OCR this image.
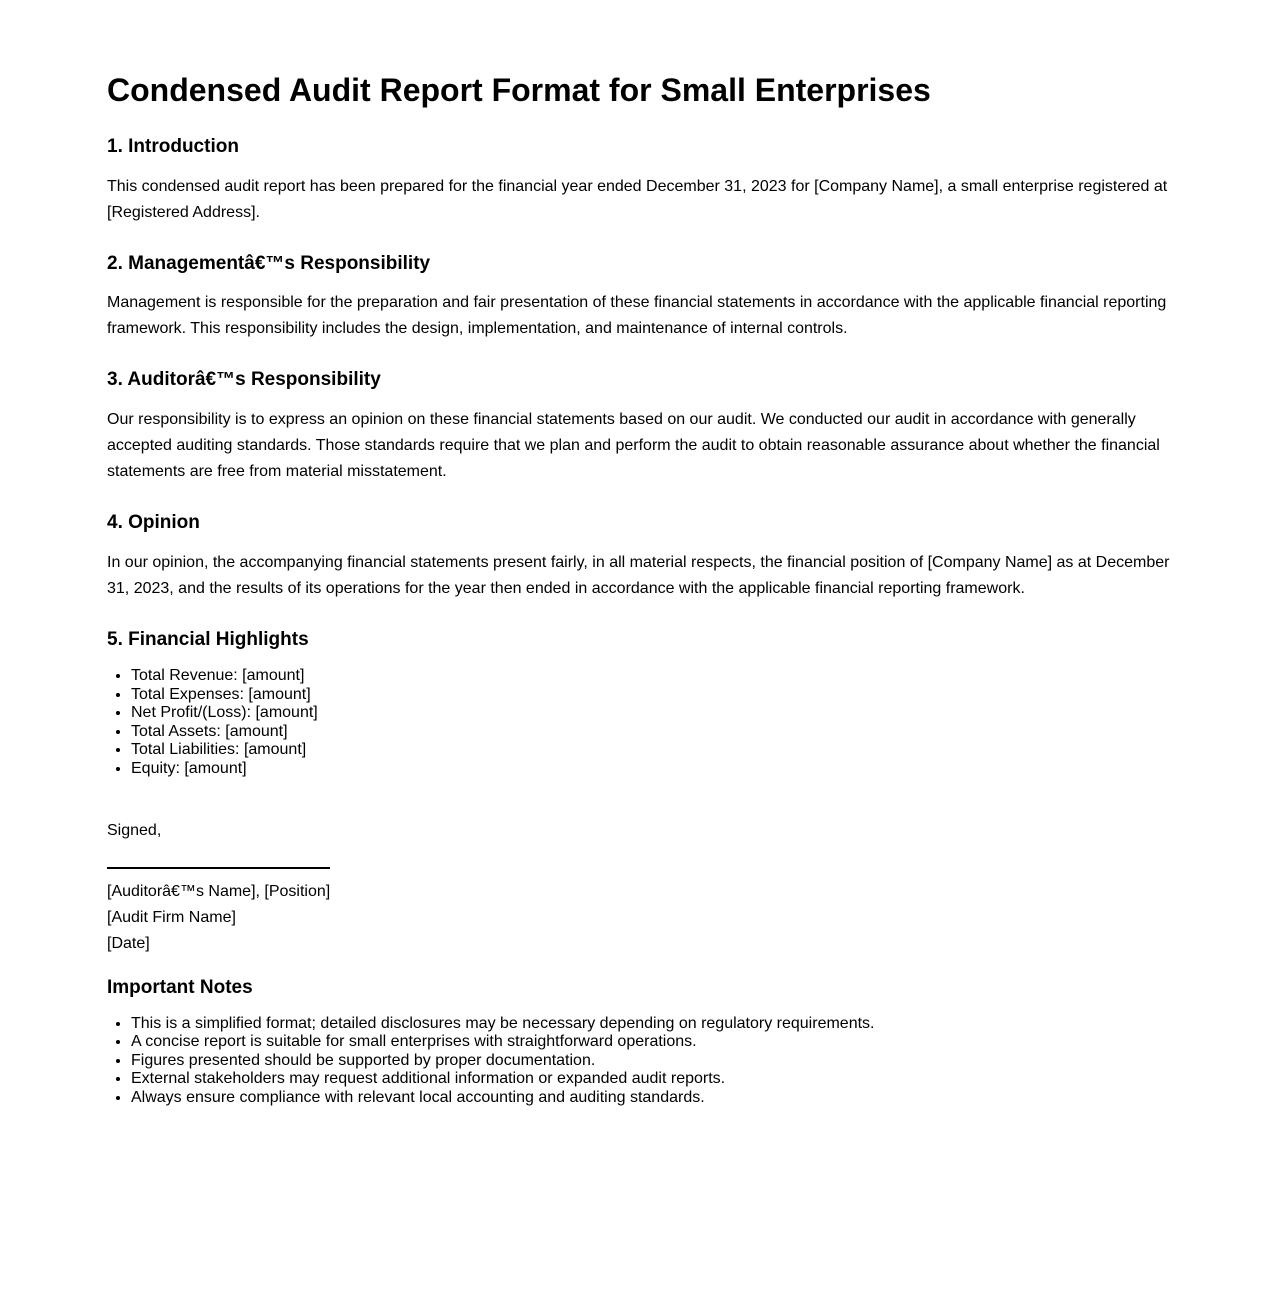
Condensed Audit Report Format for Small Enterprises
1. Introduction

This condensed audit report has been prepared for the financial year ended December 31, 2023 for [Company Name], a small enterprise registered at [Registered Address].

2. Managementâ€™s Responsibility

Management is responsible for the preparation and fair presentation of these financial statements in accordance with the applicable financial reporting framework. This responsibility includes the design, implementation, and maintenance of internal controls.

3. Auditorâ€™s Responsibility

Our responsibility is to express an opinion on these financial statements based on our audit. We conducted our audit in accordance with generally accepted auditing standards. Those standards require that we plan and perform the audit to obtain reasonable assurance about whether the financial statements are free from material misstatement.

4. Opinion

In our opinion, the accompanying financial statements present fairly, in all material respects, the financial position of [Company Name] as at December 31, 2023, and the results of its operations for the year then ended in accordance with the applicable financial reporting framework.

5. Financial Highlights
• Total Revenue: [amount]
• Total Expenses: [amount]
• Net Profit/(Loss): [amount]
• Total Assets: [amount]
• Total Liabilities: [amount]
• Equity: [amount]

Signed,

[Auditorâ€™s Name], [Position]
[Audit Firm Name]
[Date]
Important Notes
• This is a simplified format; detailed disclosures may be necessary depending on regulatory requirements.
• A concise report is suitable for small enterprises with straightforward operations.
• Figures presented should be supported by proper documentation.
• External stakeholders may request additional information or expanded audit reports.
• Always ensure compliance with relevant local accounting and auditing standards.
